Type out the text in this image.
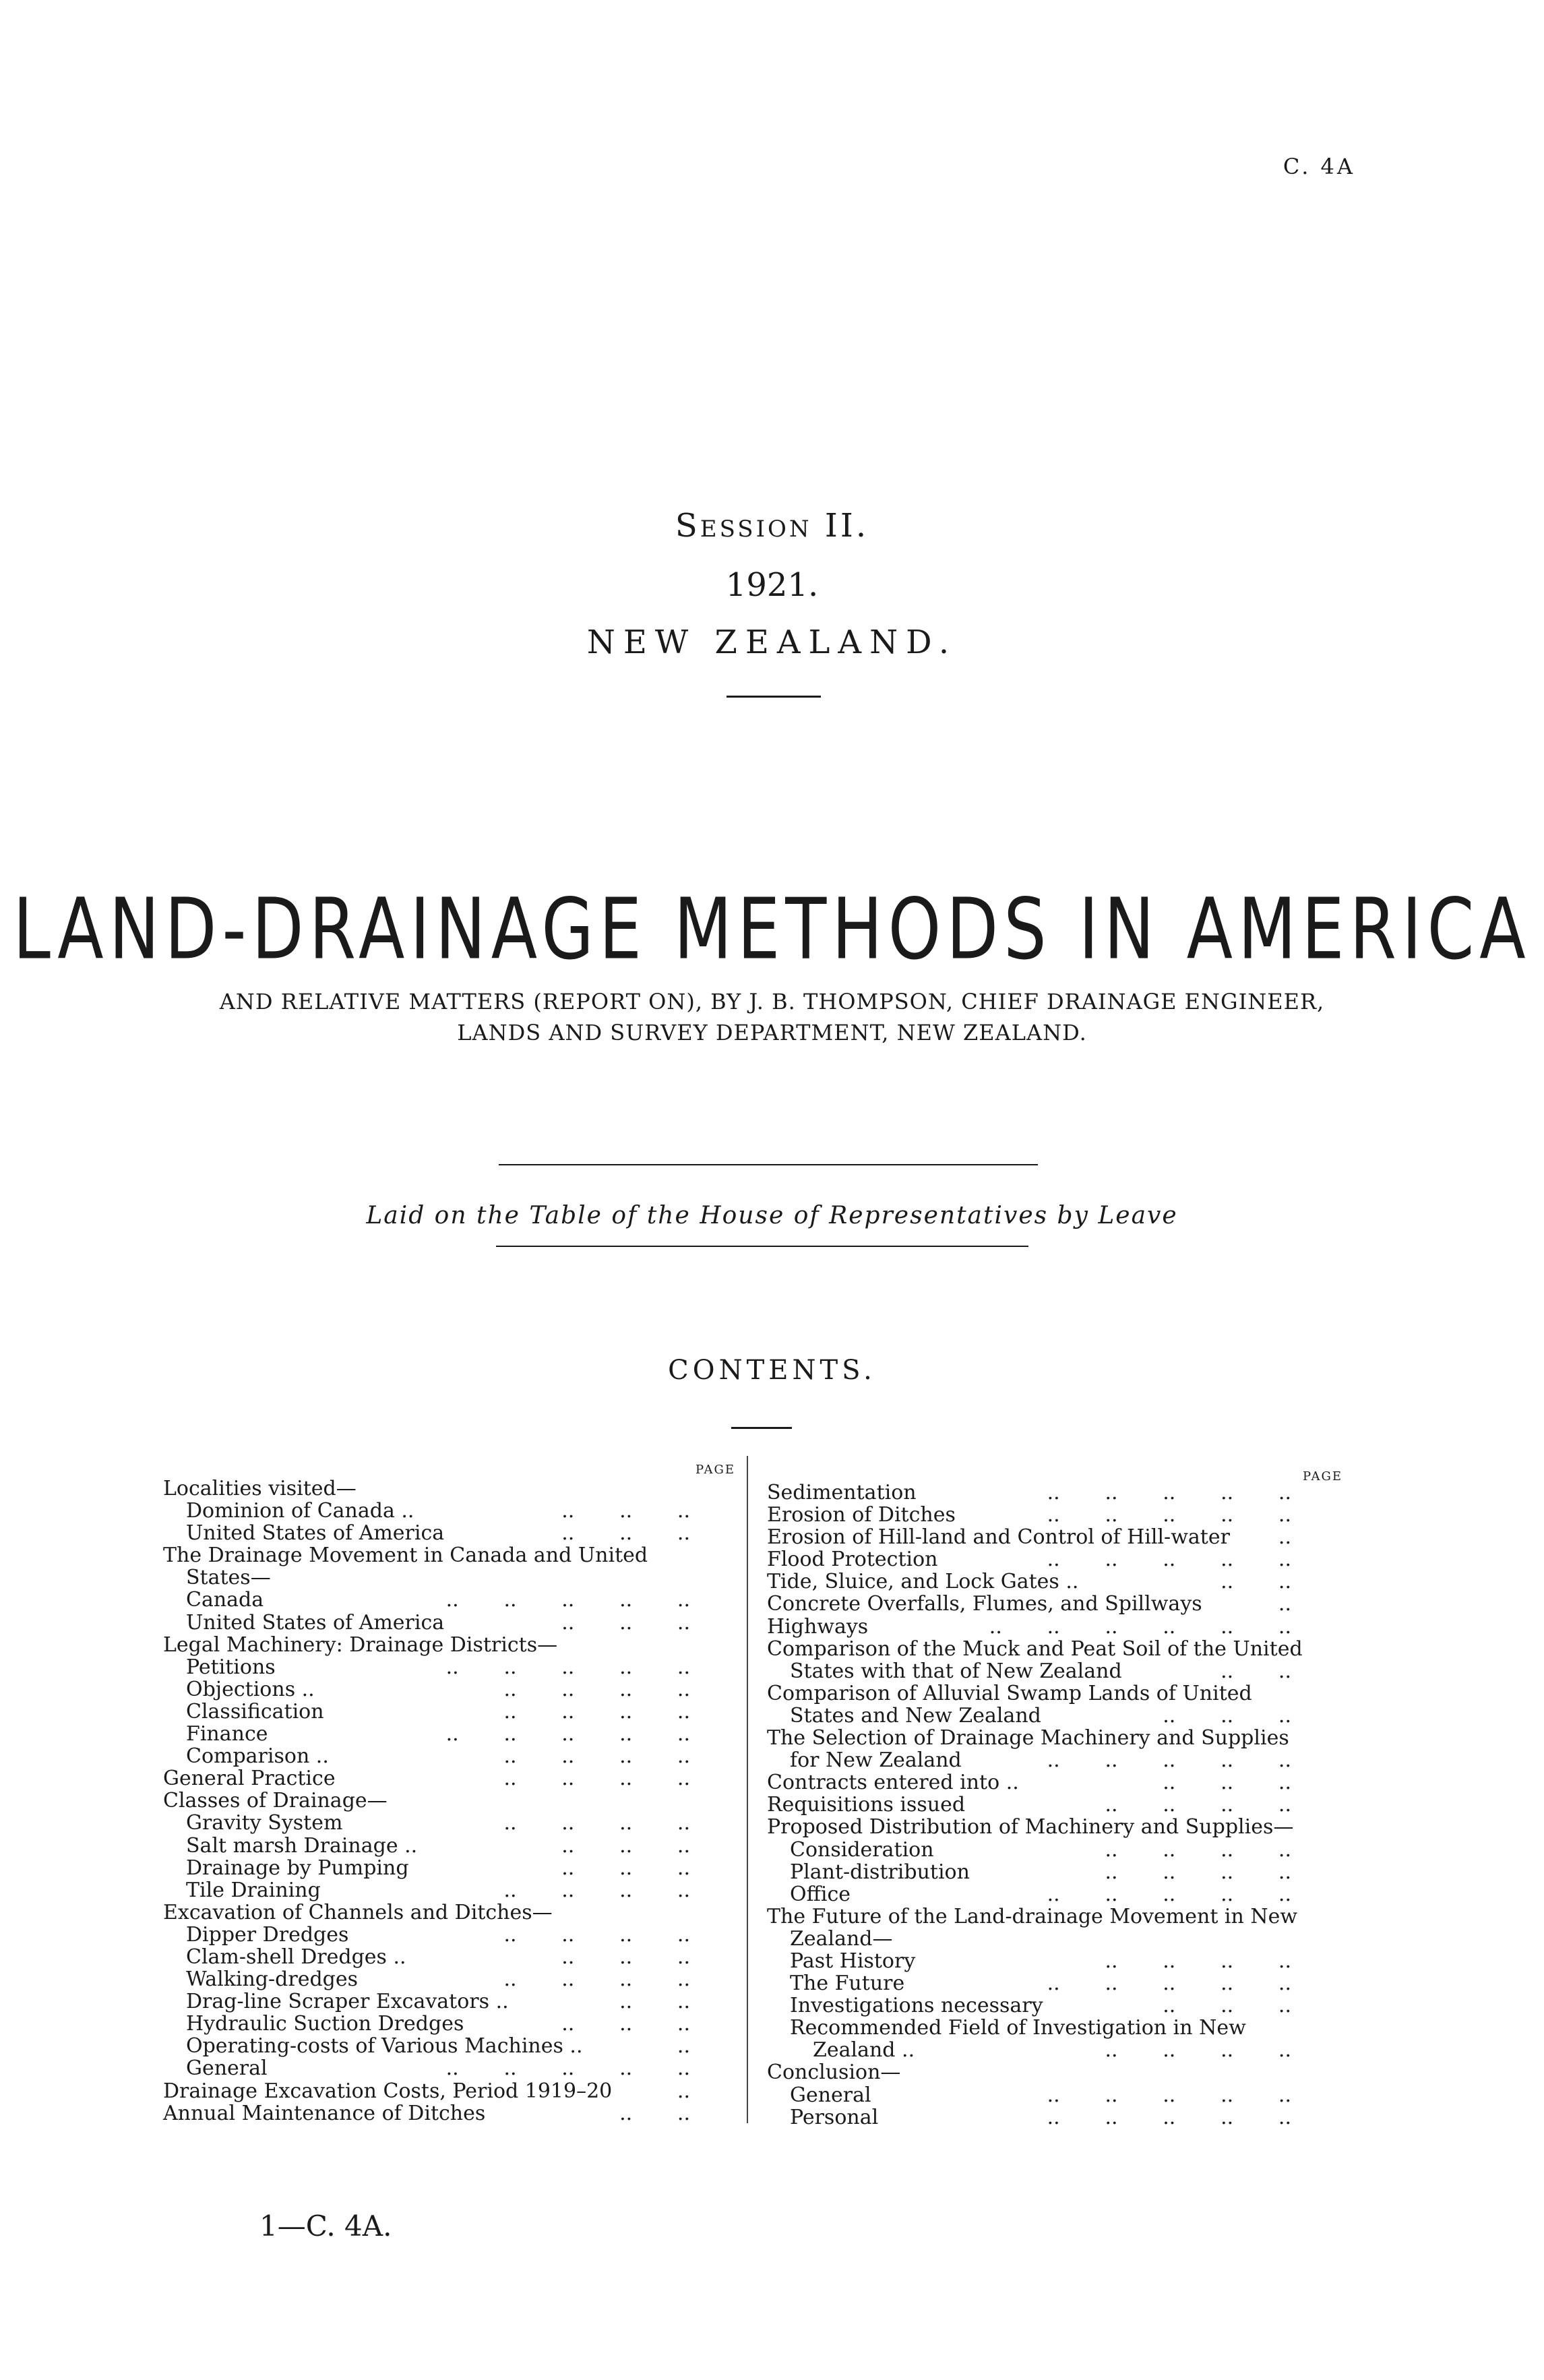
C. 4A
Session II.
1921.
NEW ZEALAND.
LAND-DRAINAGE METHODS IN AMERICA
AND RELATIVE MATTERS (REPORT ON), BY J. B. THOMPSON, CHIEF DRAINAGE ENGINEER,
LANDS AND SURVEY DEPARTMENT, NEW ZEALAND.
Laid on the Table of the House of Representatives by Leave
CONTENTS.
PAGE	PAGE
Localities visited—
Dominion of Canada ..	..       ..       ..
United States of America	..       ..       ..
The Drainage Movement in Canada and United
States—
Canada	..       ..       ..       ..       ..
United States of America	..       ..       ..
Legal Machinery: Drainage Districts—
Petitions	..       ..       ..       ..       ..
Objections ..	..       ..       ..       ..
Classification	..       ..       ..       ..
Finance	..       ..       ..       ..       ..
Comparison ..	..       ..       ..       ..
General Practice	..       ..       ..       ..
Classes of Drainage—
Gravity System	..       ..       ..       ..
Salt marsh Drainage ..	..       ..       ..
Drainage by Pumping	..       ..       ..
Tile Draining	..       ..       ..       ..
Excavation of Channels and Ditches—
Dipper Dredges	..       ..       ..       ..
Clam-shell Dredges ..	..       ..       ..
Walking-dredges	..       ..       ..       ..
Drag-line Scraper Excavators ..	..       ..
Hydraulic Suction Dredges	..       ..       ..
Operating-costs of Various Machines ..	..
General	..       ..       ..       ..       ..
Drainage Excavation Costs, Period 1919–20	..
Annual Maintenance of Ditches	..       ..
Sedimentation	..       ..       ..       ..       ..
Erosion of Ditches	..       ..       ..       ..       ..
Erosion of Hill-land and Control of Hill-water ..
Flood Protection	..       ..       ..       ..       ..
Tide, Sluice, and Lock Gates ..	..       ..
Concrete Overfalls, Flumes, and Spillways	..
Highways	..       ..       ..       ..       ..       ..
Comparison of the Muck and Peat Soil of the United
States with that of New Zealand	..       ..
Comparison of Alluvial Swamp Lands of United
States and New Zealand	..       ..       ..
The Selection of Drainage Machinery and Supplies
for New Zealand	..       ..       ..       ..       ..
Contracts entered into ..	..       ..       ..
Requisitions issued	..       ..       ..       ..
Proposed Distribution of Machinery and Supplies—
Consideration	..       ..       ..       ..
Plant-distribution	..       ..       ..       ..
Office	..       ..       ..       ..       ..
The Future of the Land-drainage Movement in New
Zealand—
Past History	..       ..       ..       ..
The Future	..       ..       ..       ..       ..
Investigations necessary	..       ..       ..
Recommended Field of Investigation in New
Zealand ..	..       ..       ..       ..
Conclusion—
General	..       ..       ..       ..       ..
Personal	..       ..       ..       ..       ..
1—C. 4A.
